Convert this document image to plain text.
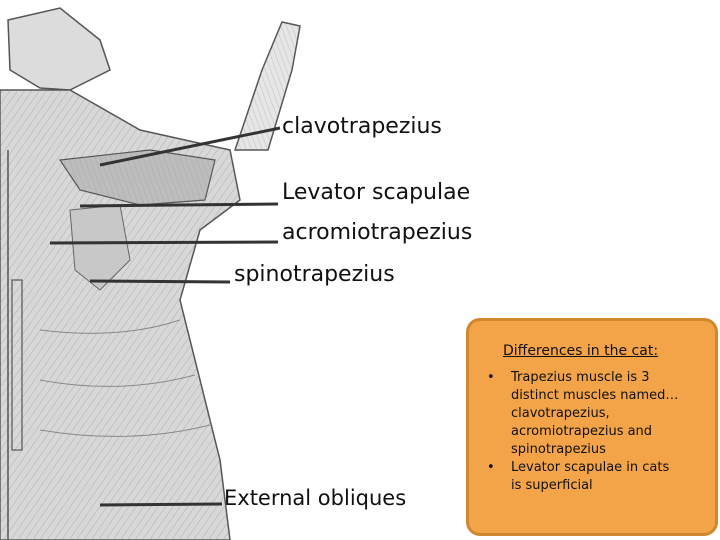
clavotrapezius
Levator scapulae
acromiotrapezius
spinotrapezius
External obliques
Differences in the cat:
• Trapezius muscle is 3
distinct muscles named…
clavotrapezius,
acromiotrapezius and
spinotrapezius
• Levator scapulae in cats
is superficial
